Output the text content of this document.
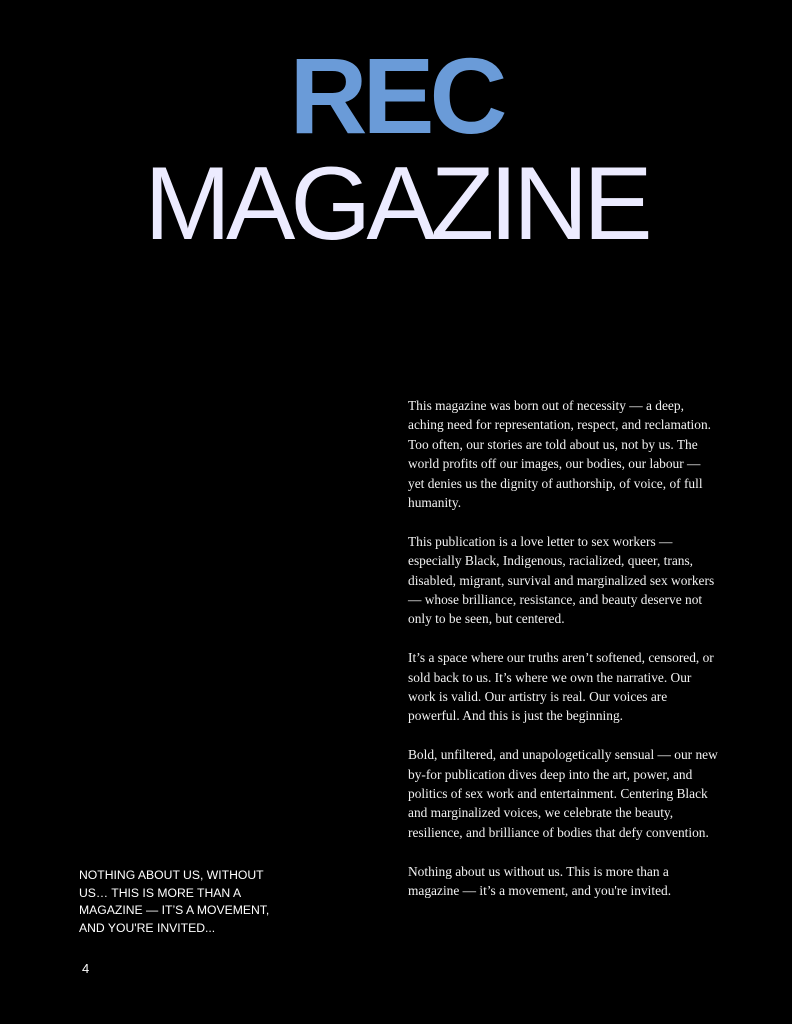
REC
MAGAZINE

This magazine was born out of necessity — a deep, aching need for representation, respect, and reclamation. Too often, our stories are told about us, not by us. The world profits off our images, our bodies, our labour — yet denies us the dignity of authorship, of voice, of full humanity.

This publication is a love letter to sex workers — especially Black, Indigenous, racialized, queer, trans, disabled, migrant, survival and marginalized sex workers — whose brilliance, resistance, and beauty deserve not only to be seen, but centered.

It’s a space where our truths aren’t softened, censored, or sold back to us. It’s where we own the narrative. Our work is valid. Our artistry is real. Our voices are powerful. And this is just the beginning.

Bold, unfiltered, and unapologetically sensual — our new by-for publication dives deep into the art, power, and politics of sex work and entertainment. Centering Black and marginalized voices, we celebrate the beauty, resilience, and brilliance of bodies that defy convention.

Nothing about us without us. This is more than a magazine — it’s a movement, and you're invited.

NOTHING ABOUT US, WITHOUT US… THIS IS MORE THAN A MAGAZINE — IT’S A MOVEMENT, AND YOU'RE INVITED...

4
